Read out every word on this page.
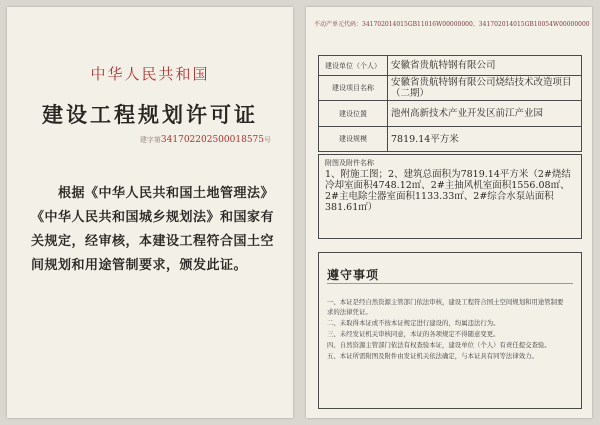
中华人民共和国
建设工程规划许可证
建字第341702202500018575号
根据《中华人民共和国土地管理法》《中华人民共和国城乡规划法》和国家有关规定，经审核，本建设工程符合国土空间规划和用途管制要求，颁发此证。
不动产单元代码：341702014015GB11016W00000000、341702014015GB10054W00000000
建设单位（个人）	安徽省贵航特钢有限公司
建设项目名称	安徽省贵航特钢有限公司烧结技术改造项目（二期）
建设位置	池州高新技术产业开发区前江产业园
建设规模	7819.14平方米
附图及附件名称
1、附施工图；2、建筑总面积为7819.14平方米（2#烧结冷却室面积4748.12㎡、2#主抽风机室面积1556.08㎡、2#主电除尘器室面积1133.33㎡、2#综合水泵站面积381.61㎡）
遵守事项

一、本证是经自然资源主管部门依法审核，建设工程符合国土空间规划和用途管制要求的法律凭证。

二、未取得本证或不按本证规定进行建设的，均属违法行为。

三、未经发证机关审核同意，本证的各项规定不得随意变更。

四、自然资源主管部门依法有权查验本证，建设单位（个人）有责任提交查验。

五、本证所需附图及附件由发证机关依法确定，与本证具有同等法律效力。
